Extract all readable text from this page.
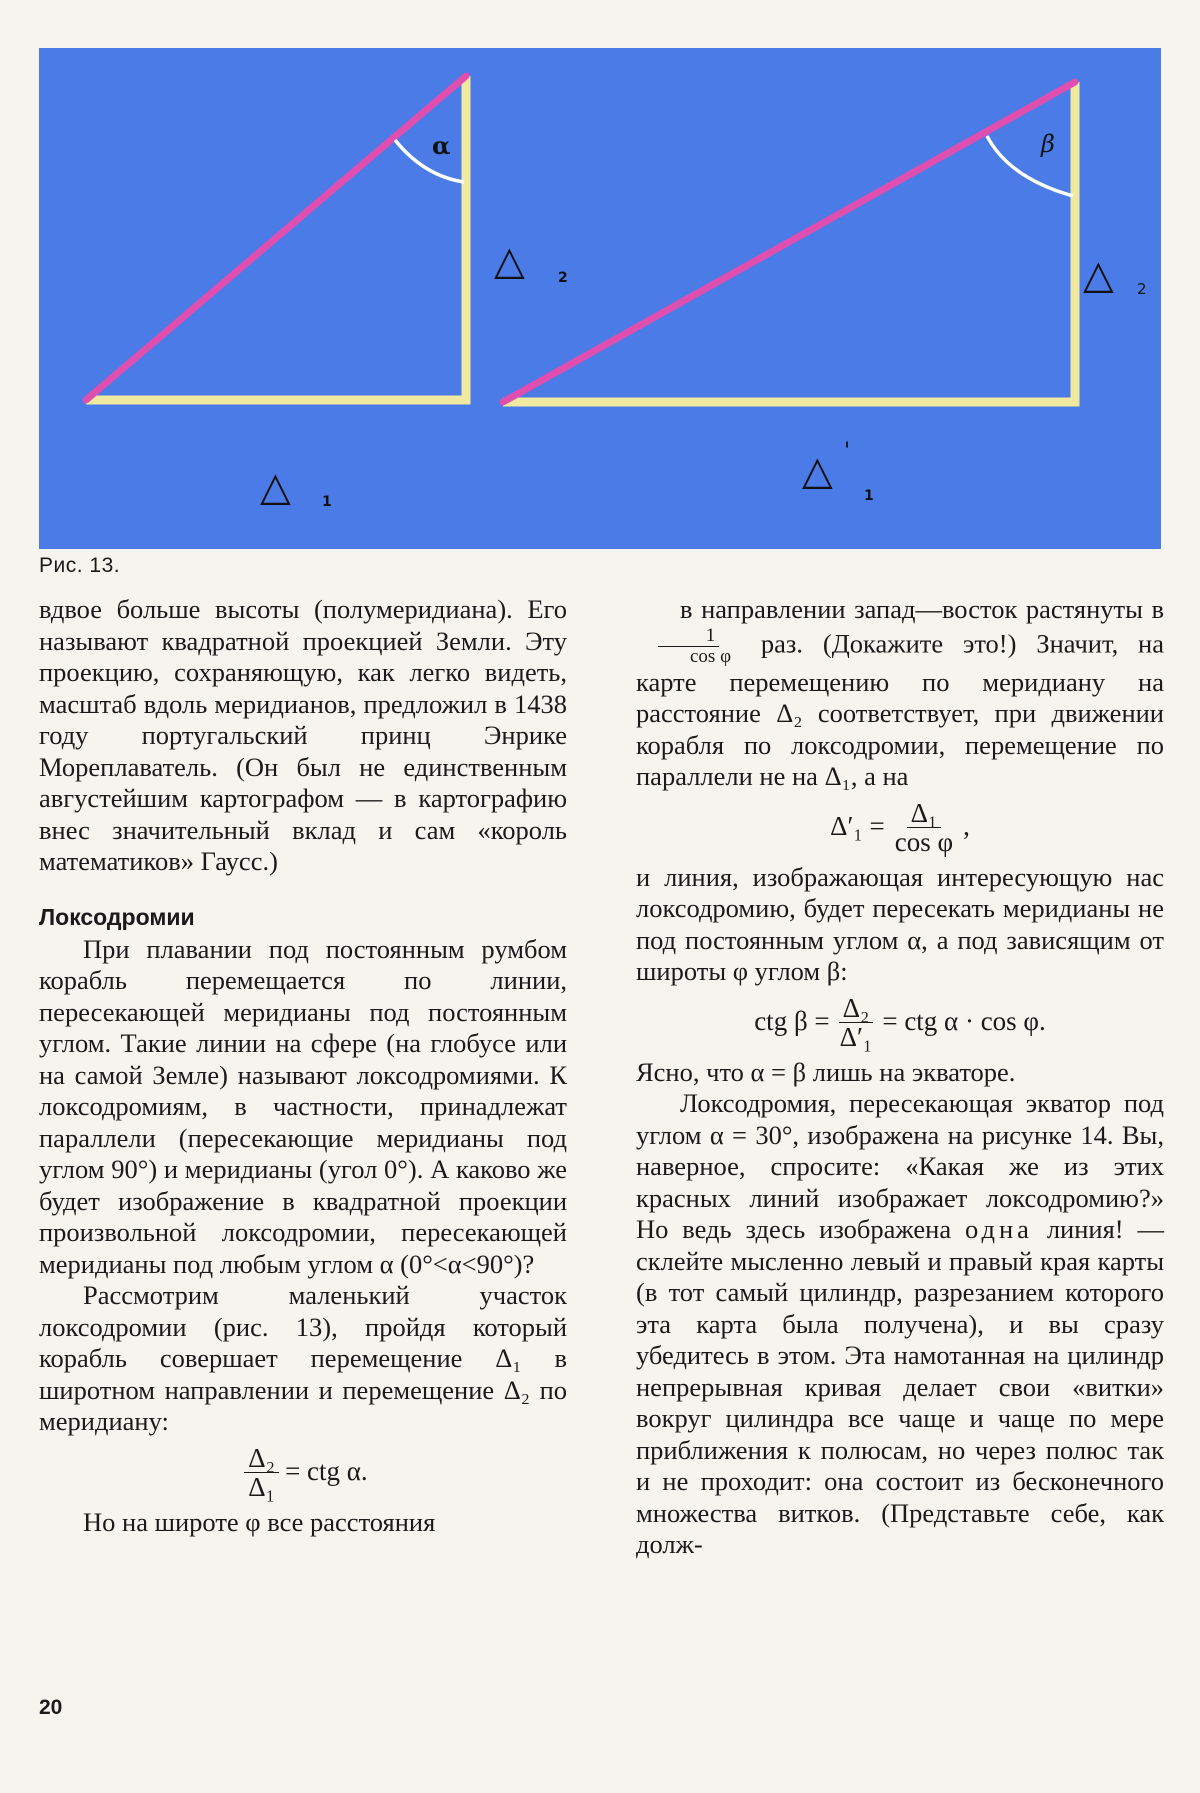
α
△ 2
△ 1
β
△ 2
△ '
1
Рис. 13.

вдвое больше высоты (полумеридиана). Его называют квадратной проекцией Земли. Эту проекцию, сохраняющую, как легко видеть, масштаб вдоль меридианов, предложил в 1438 году португальский принц Энрике Мореплаватель. (Он был не единственным августейшим картографом — в картографию внес значительный вклад и сам «король математиков» Гаусс.)

Локсодромии

При плавании под постоянным румбом корабль перемещается по линии, пересекающей меридианы под постоянным углом. Такие линии на сфере (на глобусе или на самой Земле) называют локсодромиями. К локсодромиям, в частности, принадлежат параллели (пересекающие меридианы под углом 90°) и меридианы (угол 0°). А каково же будет изображение в квадратной проекции произвольной локсодромии, пересекающей меридианы под любым углом α (0°<α<90°)?

Рассмотрим маленький участок локсодромии (рис. 13), пройдя который корабль совершает перемещение Δ₁ в широтном направлении и перемещение Δ₂ по меридиану:

$\frac{\text{Δ₂}}{\text{Δ₁}}$ = ctg α.

Но на широте φ все расстояния

в направлении запад—восток растянуты в
$\frac{1}{\text{cos φ}}$ раз. (Докажите это!) Значит, на карте перемещению по меридиану на расстояние Δ₂ соответствует, при движении корабля по локсодромии, перемещение по параллели не на Δ₁, а на

$\Delta'_1 = \frac{\text{Δ₁}}{\text{cos φ}}$ ,

и линия, изображающая интересующую нас локсодромию, будет пересекать меридианы не под постоянным углом α, а под зависящим от широты φ углом β:

ctg $\beta = \frac{\text{Δ₂}}{\text{Δ′₁}}$ = ctg α · cos φ.

Ясно, что α = β лишь на экваторе.

Локсодромия, пересекающая экватор под углом α = 30°, изображена на рисунке 14. Вы, наверное, спросите: «Какая же из этих красных линий изображает локсодромию?» Но ведь здесь изображена одна линия! — склейте мысленно левый и правый края карты (в тот самый цилиндр, разрезанием которого эта карта была получена), и вы сразу убедитесь в этом. Эта намотанная на цилиндр непрерывная кривая делает свои «витки» вокруг цилиндра все чаще и чаще по мере приближения к полюсам, но через полюс так и не проходит: она состоит из бесконечного множества витков. (Представьте себе, как долж-

20
